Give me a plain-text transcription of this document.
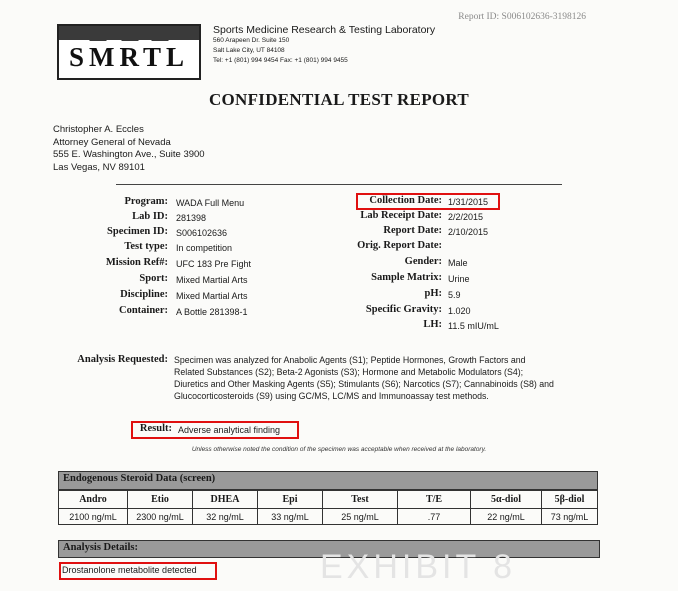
Report ID: S006102636-3198126
SMRTL
Sports Medicine Research & Testing Laboratory
560 Arapeen Dr. Suite 150
Salt Lake City, UT 84108
Tel: +1 (801) 994 9454 Fax: +1 (801) 994 9455
CONFIDENTIAL TEST REPORT
Christopher A. Eccles
Attorney General of Nevada
555 E. Washington Ave., Suite 3900
Las Vegas, NV 89101
Program: WADA Full Menu
Lab ID: 281398
Specimen ID: S006102636
Test type: In competition
Mission Ref#: UFC 183 Pre Fight
Sport: Mixed Martial Arts
Discipline: Mixed Martial Arts
Container: A Bottle 281398-1
Collection Date: 1/31/2015
Lab Receipt Date: 2/2/2015
Report Date: 2/10/2015
Orig. Report Date:
Gender: Male
Sample Matrix: Urine
pH: 5.9
Specific Gravity: 1.020
LH: 11.5 mIU/mL
Analysis Requested: Specimen was analyzed for Anabolic Agents (S1); Peptide Hormones, Growth Factors and Related Substances (S2); Beta-2 Agonists (S3); Hormone and Metabolic Modulators (S4); Diuretics and Other Masking Agents (S5); Stimulants (S6); Narcotics (S7); Cannabinoids (S8) and Glucocorticosteroids (S9) using GC/MS, LC/MS and Immunoassay test methods.
Result: Adverse analytical finding
Unless otherwise noted the condition of the specimen was acceptable when received at the laboratory.
Endogenous Steroid Data (screen)
Andro	Etio	DHEA	Epi	Test	T/E	5α-diol	5β-diol
2100 ng/mL	2300 ng/mL	32 ng/mL	33 ng/mL	25 ng/mL	.77	22 ng/mL	73 ng/mL
Analysis Details:
EXHIBIT 8
Drostanolone metabolite detected
